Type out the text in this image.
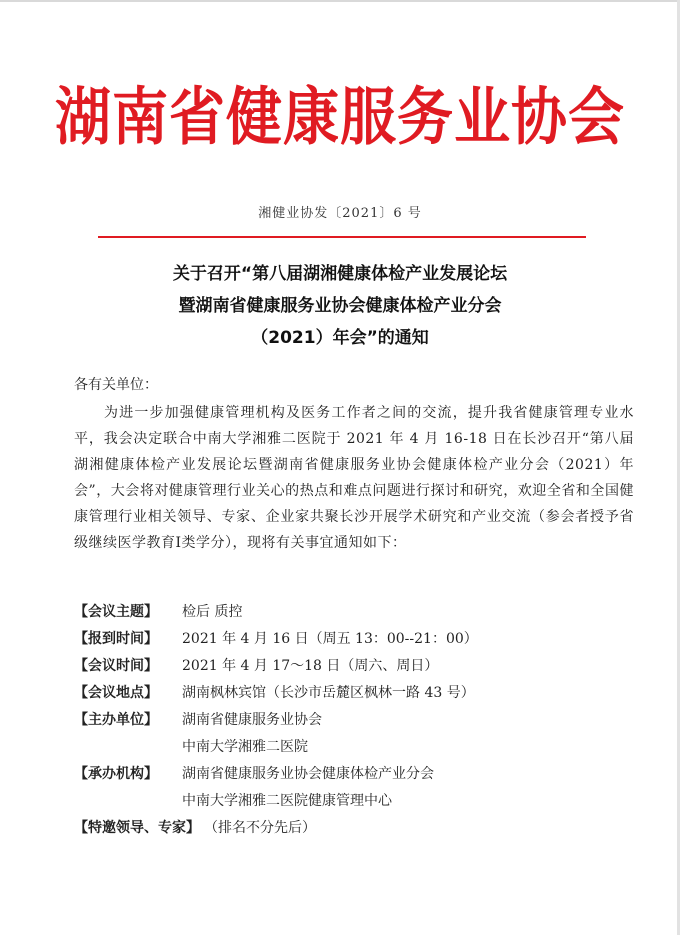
湖南省健康服务业协会
湘健业协发〔2021〕6 号
关于召开“第八届湖湘健康体检产业发展论坛
暨湖南省健康服务业协会健康体检产业分会
（2021）年会”的通知
各有关单位：
为进一步加强健康管理机构及医务工作者之间的交流，提升我省健康管理专业水平，我会决定联合中南大学湘雅二医院于 2021 年 4 月 16-18 日在长沙召开“第八届湖湘健康体检产业发展论坛暨湖南省健康服务业协会健康体检产业分会（2021）年会”，大会将对健康管理行业关心的热点和难点问题进行探讨和研究，欢迎全省和全国健康管理行业相关领导、专家、企业家共聚长沙开展学术研究和产业交流（参会者授予省级继续医学教育Ⅰ类学分），现将有关事宜通知如下：
【会议主题】	检后 质控
【报到时间】	2021 年 4 月 16 日（周五 13：00--21：00）
【会议时间】	2021 年 4 月 17～18 日（周六、周日）
【会议地点】	湖南枫林宾馆（长沙市岳麓区枫林一路 43 号）
【主办单位】	湖南省健康服务业协会
中南大学湘雅二医院
【承办机构】	湖南省健康服务业协会健康体检产业分会
中南大学湘雅二医院健康管理中心
【特邀领导、专家】 （排名不分先后）
